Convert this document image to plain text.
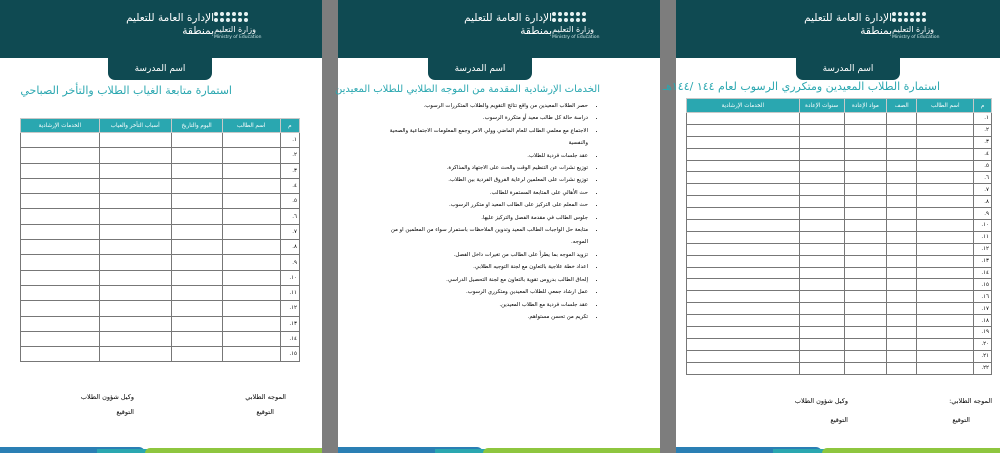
الإدارة العامة للتعليم
بمنطقة وزارة التعليم
Ministry of Education
اسم المدرسة
استمارة متابعة الغياب الطلاب والتأخر الصباحي
م	اسم الطالب	اليوم والتاريخ	أسباب التأخر والغياب	الخدمات الإرشادية
١.				
٢.				
٣.				
٤.				
٥.				
٦.				
٧.				
٨.				
٩.				
١٠.				
١١.				
١٢.				
١٣.				
١٤.				
١٥.				
الموجه الطلابي
التوقيع
وكيل شؤون الطلاب
التوقيع
الإدارة العامة للتعليم
بمنطقة وزارة التعليم
Ministry of Education
اسم المدرسة
الخدمات الإرشادية المقدمة من الموجه الطلابي للطلاب المعيدين
• حصر الطلاب المعيدين من واقع نتائج التقويم والطلاب المتكررات الرسوب.
• دراسة حالة كل طالب معيد أو متكررة الرسوب.
• الاجتماع مع معلمي الطالب للعام الماضي وولي الامر وجمع المعلومات الاجتماعية والصحية
والنفسية
• عقد جلسات فردية للطلاب.
• توزيع نشرات عن التنظيم الوقت والحث على الاجتهاد والمذاكرة.
• توزيع نشرات على المعلمين لرعاية الفروق الفردية بين الطلاب.
• حث الأهالي على المتابعة المستمرة للطالب.
• حث المعلم على التركيز على الطالب المعيد او متكرر الرسوب.
• جلوس الطالب في مقدمة الفصل والتركيز عليها.
• متابعة حل الواجبات الطالب المعيد وتدوين الملاحظات باستمرار سواء من المعلمين او من
الموجه.
• تزويد الموجه بما يطرأ على الطالب من تغيرات داخل الفصل.
• اعداد خطة علاجية بالتعاون مع لجنة التوجيه الطلابي.
• إلحاق الطالب بدروس تقوية بالتعاون مع لجنة التحصيل الدراسي.
• عمل ارشاد جمعي للطلاب المعيدين ومتكرري الرسوب.
• عقد جلسات فردية مع الطلاب المعيدين.
• تكريم من تحسن مستواهم.
الإدارة العامة للتعليم
بمنطقة وزارة التعليم
Ministry of Education
اسم المدرسة
استمارة الطلاب المعيدين ومتكرري الرسوب لعام ١٤٤ /١٤٤هـ
م	اسم الطالب	الصف	مواد الإعادة	سنوات الإعادة	الخدمات الإرشادية
١.					
٢.					
٣.					
٤.					
٥.					
٦.					
٧.					
٨.					
٩.					
١٠.					
١١.					
١٢.					
١٣.					
١٤.					
١٥.					
١٦.					
١٧.					
١٨.					
١٩.					
٢٠.					
٢١.					
٢٢.					
الموجه الطلابي:
التوقيع
وكيل شؤون الطلاب
التوقيع
